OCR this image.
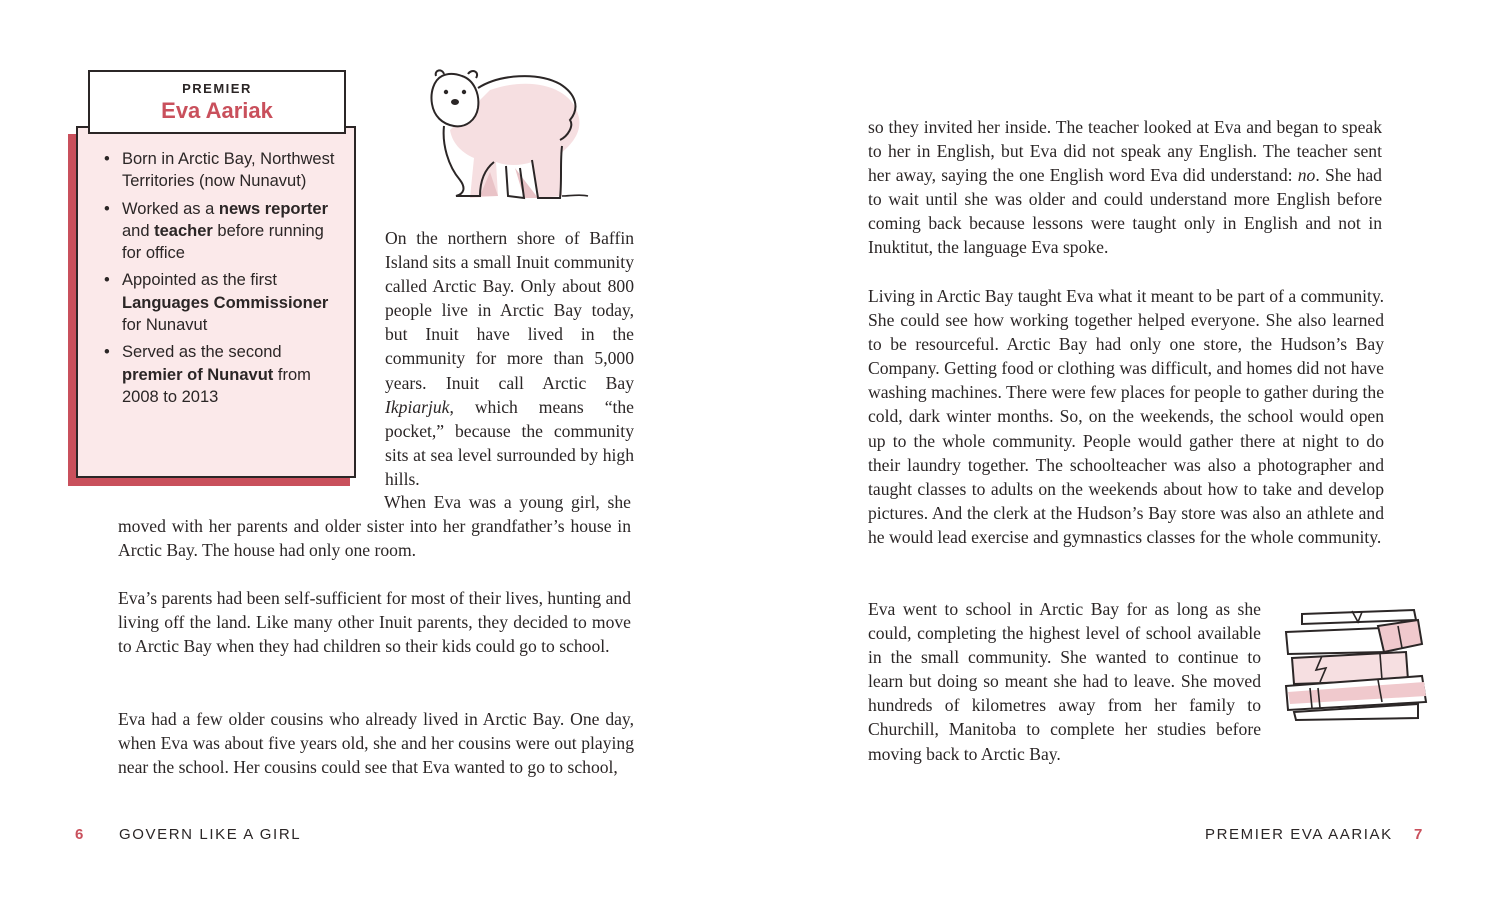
PREMIER
Eva Aariak
• Born in Arctic Bay, Northwest Territories (now Nunavut)
• Worked as a news reporter and teacher before running for office
• Appointed as the first Languages Commissioner for Nunavut
• Served as the second premier of Nunavut from 2008 to 2013

On the northern shore of Baffin Island sits a small Inuit community called Arctic Bay. Only about 800 people live in Arctic Bay today, but Inuit have lived in the community for more than 5,000 years. Inuit call Arctic Bay Ikpiarjuk, which means “the pocket,” because the community sits at sea level surrounded by high hills.

When Eva was a young girl, she moved with her parents and older sister into her grandfather’s house in Arctic Bay. The house had only one room.

Eva’s parents had been self-sufficient for most of their lives, hunting and living off the land. Like many other Inuit parents, they decided to move to Arctic Bay when they had children so their kids could go to school.

Eva had a few older cousins who already lived in Arctic Bay. One day, when Eva was about five years old, she and her cousins were out playing near the school. Her cousins could see that Eva wanted to go to school,

so they invited her inside. The teacher looked at Eva and began to speak to her in English, but Eva did not speak any English. The teacher sent her away, saying the one English word Eva did understand: no. She had to wait until she was older and could understand more English before coming back because lessons were taught only in English and not in Inuktitut, the language Eva spoke.

Living in Arctic Bay taught Eva what it meant to be part of a community. She could see how working together helped everyone. She also learned to be resourceful. Arctic Bay had only one store, the Hudson’s Bay Company. Getting food or clothing was difficult, and homes did not have washing machines. There were few places for people to gather during the cold, dark winter months. So, on the weekends, the school would open up to the whole community. People would gather there at night to do their laundry together. The schoolteacher was also a photographer and taught classes to adults on the weekends about how to take and develop pictures. And the clerk at the Hudson’s Bay store was also an athlete and he would lead exercise and gymnastics classes for the whole community.

Eva went to school in Arctic Bay for as long as she could, completing the highest level of school available in the small community. She wanted to continue to learn but doing so meant she had to leave. She moved hundreds of kilometres away from her family to Churchill, Manitoba to complete her studies before moving back to Arctic Bay.

6 GOVERN LIKE A GIRL	PREMIER EVA AARIAK 7
